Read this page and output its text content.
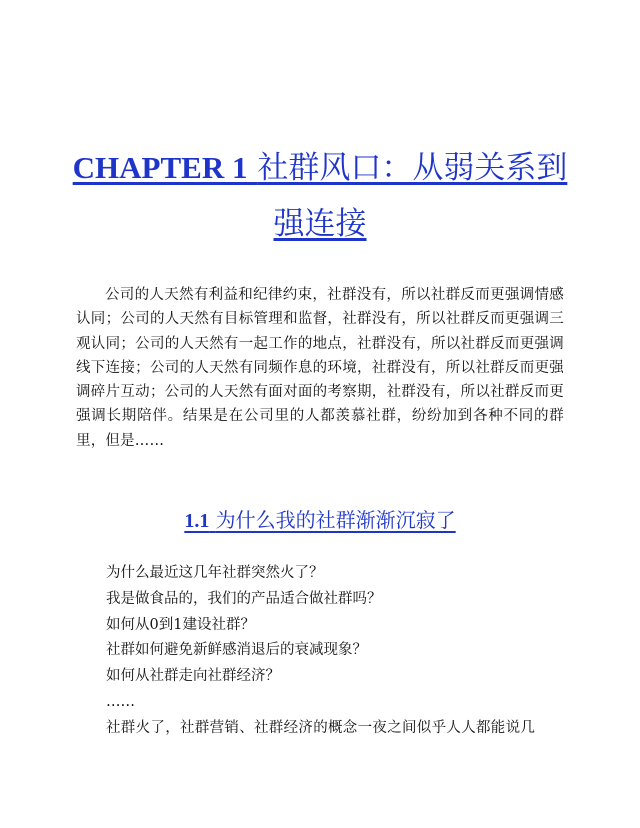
CHAPTER 1 社群风口：从弱关系到强连接

公司的人天然有利益和纪律约束，社群没有，所以社群反而更强调情感认同；公司的人天然有目标管理和监督，社群没有，所以社群反而更强调三观认同；公司的人天然有一起工作的地点，社群没有，所以社群反而更强调线下连接；公司的人天然有同频作息的环境，社群没有，所以社群反而更强调碎片互动；公司的人天然有面对面的考察期，社群没有，所以社群反而更强调长期陪伴。结果是在公司里的人都羡慕社群，纷纷加到各种不同的群里，但是……

1.1 为什么我的社群渐渐沉寂了
为什么最近这几年社群突然火了？
我是做食品的，我们的产品适合做社群吗？
如何从0到1建设社群？
社群如何避免新鲜感消退后的衰减现象？
如何从社群走向社群经济？
……

社群火了，社群营销、社群经济的概念一夜之间似乎人人都能说几
